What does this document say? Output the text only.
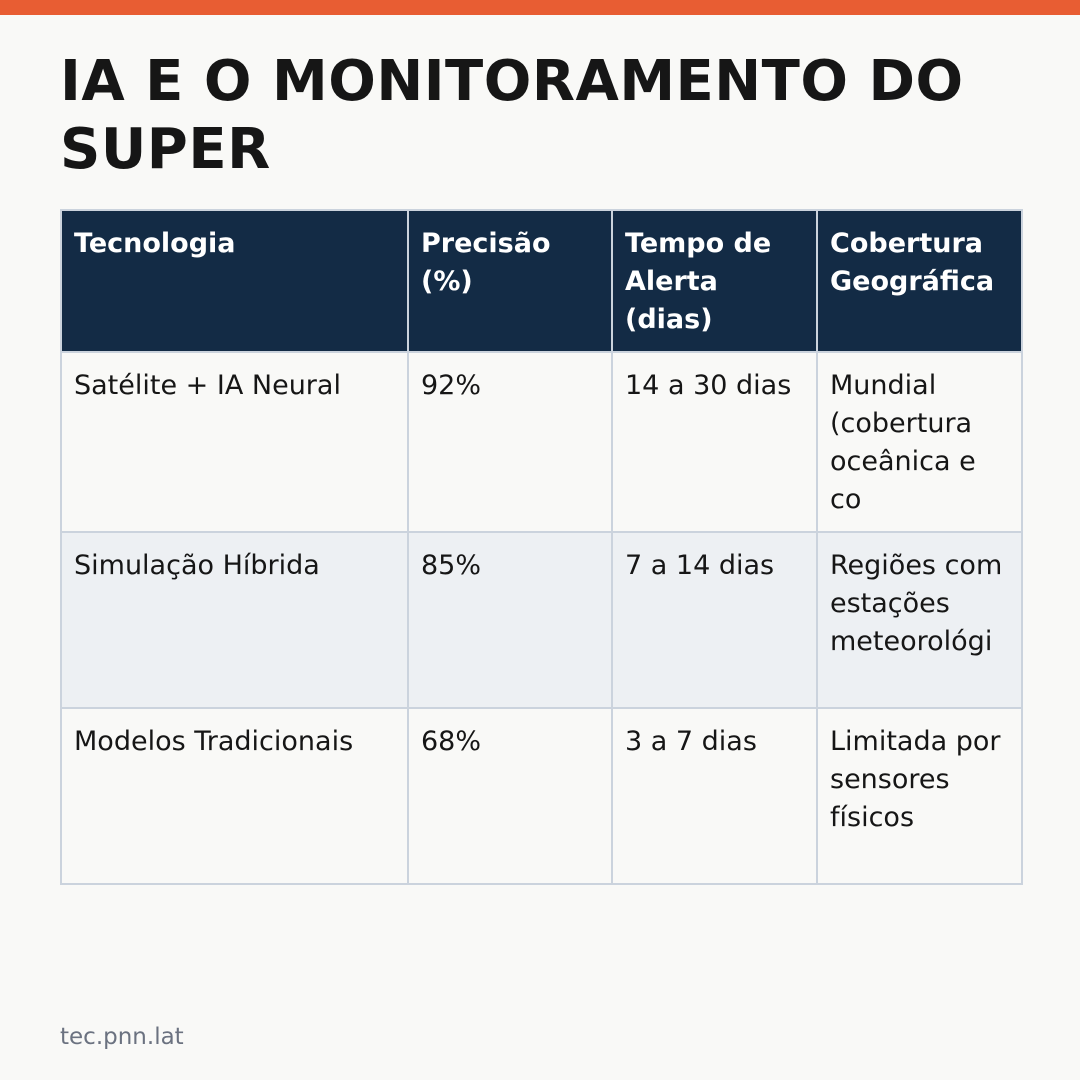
IA E O MONITORAMENTO DO SUPER
Tecnologia	Precisão (%)	Tempo de Alerta (dias)	Cobertura Geográfica

Satélite + IA Neural	92%	14 a 30 dias	Mundial (cobertura oceânica e co

Simulação Híbrida	85%	7 a 14 dias	Regiões com estações meteorológi

Modelos Tradicionais	68%	3 a 7 dias	Limitada por sensores físicos
tec.pnn.lat
